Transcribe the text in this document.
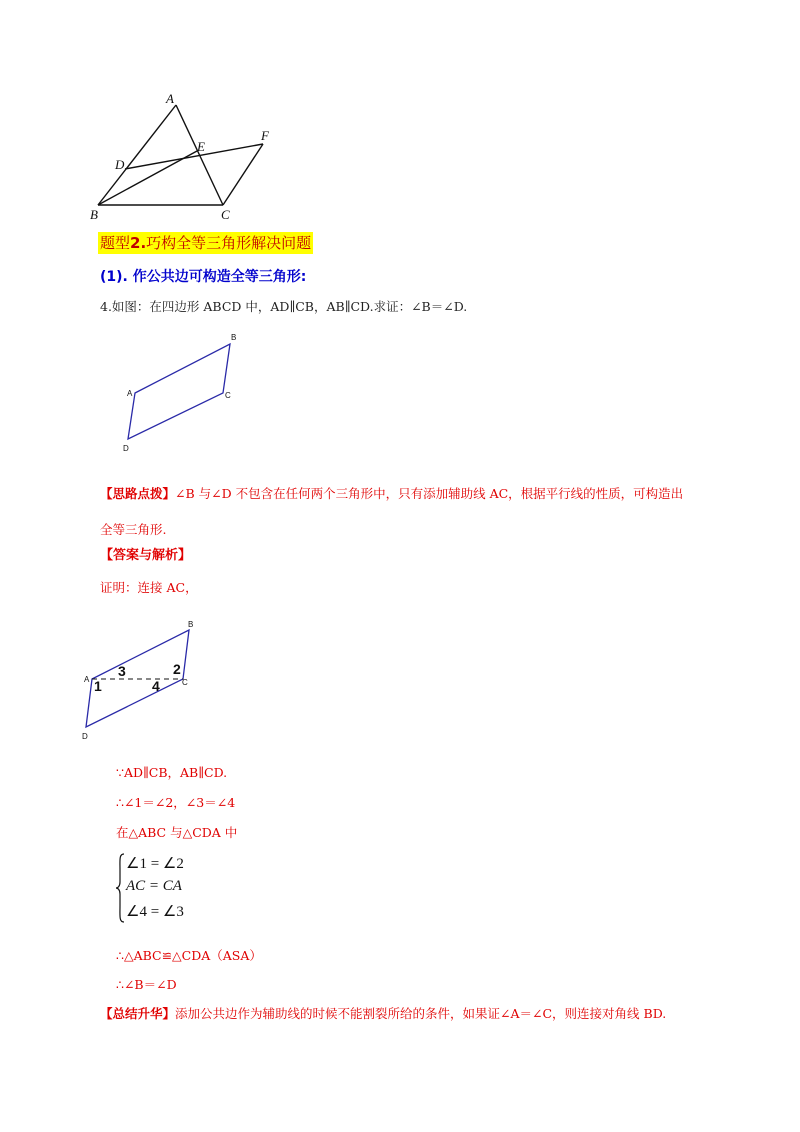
A
B	C
D
E
F
题型2.巧构全等三角形解决问题
(1). 作公共边可构造全等三角形:
4.如图：在四边形 ABCD 中，AD∥CB，AB∥CD.求证：∠B＝∠D.
A
B
C
D
【思路点拨】∠B 与∠D 不包含在任何两个三角形中，只有添加辅助线 AC，根据平行线的性质，可构造出
全等三角形.
【答案与解析】
证明：连接 AC，
A
B
C
D
1
2
3
4
∵AD∥CB，AB∥CD.
∴∠1＝∠2，∠3＝∠4
在△ABC 与△CDA 中
∠1 = ∠2
AC = CA
∠4 = ∠3
∴△ABC≌△CDA（ASA）
∴∠B＝∠D
【总结升华】添加公共边作为辅助线的时候不能割裂所给的条件，如果证∠A＝∠C，则连接对角线 BD.
